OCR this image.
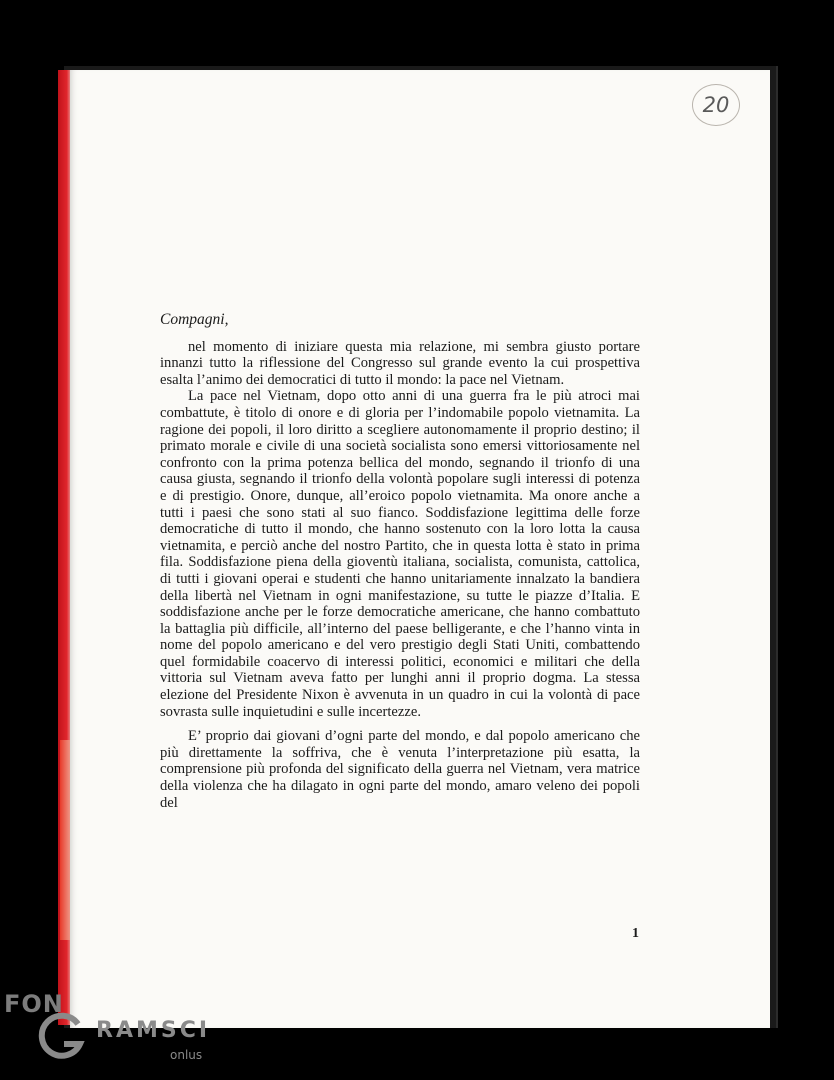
20

Compagni,

nel momento di iniziare questa mia relazione, mi sembra giusto portare innanzi tutto la riflessione del Congresso sul grande evento la cui prospettiva esalta l’animo dei democratici di tutto il mondo: la pace nel Vietnam.

La pace nel Vietnam, dopo otto anni di una guerra fra le più atroci mai combattute, è titolo di onore e di gloria per l’indomabile popolo vietnamita. La ragione dei popoli, il loro diritto a scegliere autonomamente il proprio destino; il primato morale e civile di una società socialista sono emersi vittoriosamente nel confronto con la prima potenza bellica del mondo, segnando il trionfo di una causa giusta, segnando il trionfo della volontà popolare sugli interessi di potenza e di prestigio. Onore, dunque, all’eroico popolo vietnamita. Ma onore anche a tutti i paesi che sono stati al suo fianco. Soddisfazione legittima delle forze democratiche di tutto il mondo, che hanno sostenuto con la loro lotta la causa vietnamita, e perciò anche del nostro Partito, che in questa lotta è stato in prima fila. Soddisfazione piena della gioventù italiana, socialista, comunista, cattolica, di tutti i giovani operai e studenti che hanno unitariamente innalzato la bandiera della libertà nel Vietnam in ogni manifestazione, su tutte le piazze d’Italia. E soddisfazione anche per le forze democratiche americane, che hanno combattuto la battaglia più difficile, all’interno del paese belligerante, e che l’hanno vinta in nome del popolo americano e del vero prestigio degli Stati Uniti, combattendo quel formidabile coacervo di interessi politici, economici e militari che della vittoria sul Vietnam aveva fatto per lunghi anni il proprio dogma. La stessa elezione del Presidente Nixon è avvenuta in un quadro in cui la volontà di pace sovrasta sulle inquietudini e sulle incertezze.

E’ proprio dai giovani d’ogni parte del mondo, e dal popolo americano che più direttamente la soffriva, che è venuta l’interpretazione più esatta, la comprensione più profonda del significato della guerra nel Vietnam, vera matrice della violenza che ha dilagato in ogni parte del mondo, amaro veleno dei popoli del

1
FON
RAMSCI
onlus
